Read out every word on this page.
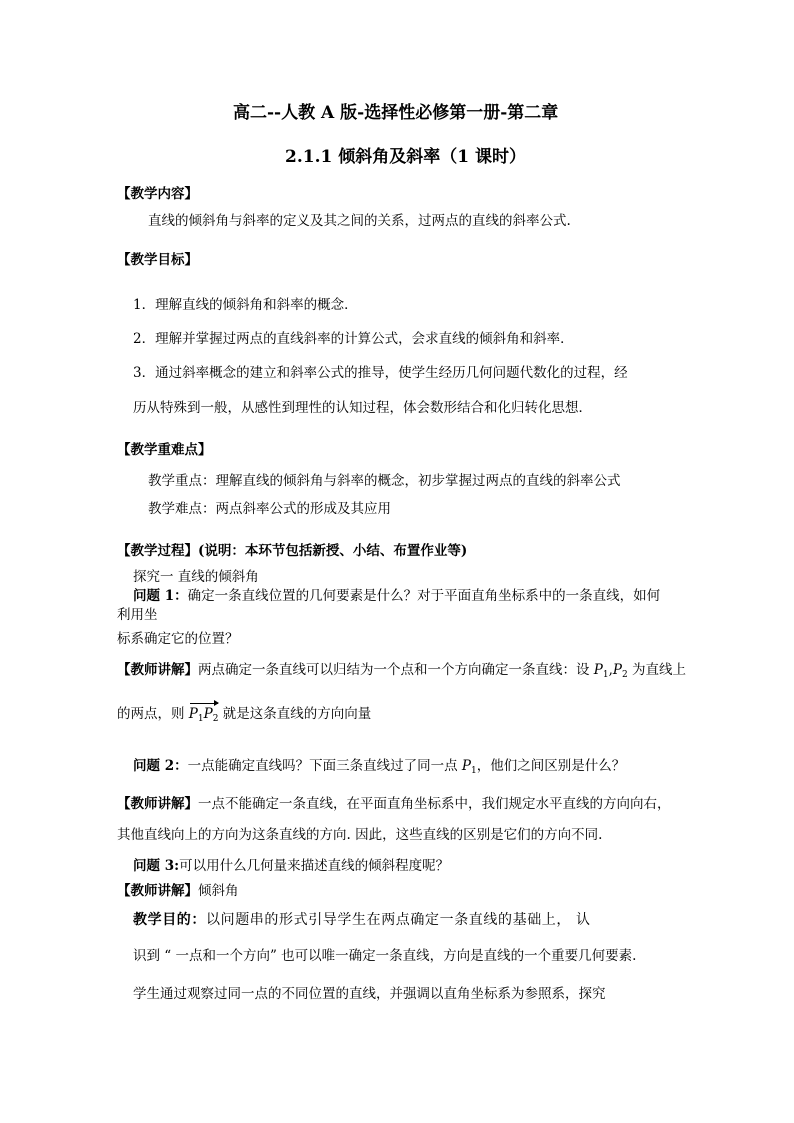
高二--人教 A 版-选择性必修第一册-第二章
2.1.1 倾斜角及斜率（1 课时）
【教学内容】
直线的倾斜角与斜率的定义及其之间的关系，过两点的直线的斜率公式.
【教学目标】
1．理解直线的倾斜角和斜率的概念．
2．理解并掌握过两点的直线斜率的计算公式，会求直线的倾斜角和斜率．
3．通过斜率概念的建立和斜率公式的推导，使学生经历几何问题代数化的过程，经
历从特殊到一般，从感性到理性的认知过程，体会数形结合和化归转化思想．
【教学重难点】
教学重点：理解直线的倾斜角与斜率的概念，初步掌握过两点的直线的斜率公式
教学难点：两点斜率公式的形成及其应用
【教学过程】(说明：本环节包括新授、小结、布置作业等)
探究一 直线的倾斜角
问题 1：确定一条直线位置的几何要素是什么？对于平面直角坐标系中的一条直线，如何
利用坐
标系确定它的位置？
【教师讲解】两点确定一条直线可以归结为一个点和一个方向确定一条直线：设 $P_1,P_2$ 为直线上
的两点，则 $P_1P_2$ 就是这条直线的方向向量
问题 2：一点能确定直线吗？下面三条直线过了同一点 $P_1$，他们之间区别是什么？
【教师讲解】一点不能确定一条直线，在平面直角坐标系中，我们规定水平直线的方向向右，
其他直线向上的方向为这条直线的方向. 因此，这些直线的区别是它们的方向不同.
问题 3:可以用什么几何量来描述直线的倾斜程度呢？
【教师讲解】倾斜角
教学目的：以问题串的形式引导学生在两点确定一条直线的基础上， 认
识到 “ 一点和一个方向” 也可以唯一确定一条直线，方向是直线的一个重要几何要素.
学生通过观察过同一点的不同位置的直线，并强调以直角坐标系为参照系，探究
